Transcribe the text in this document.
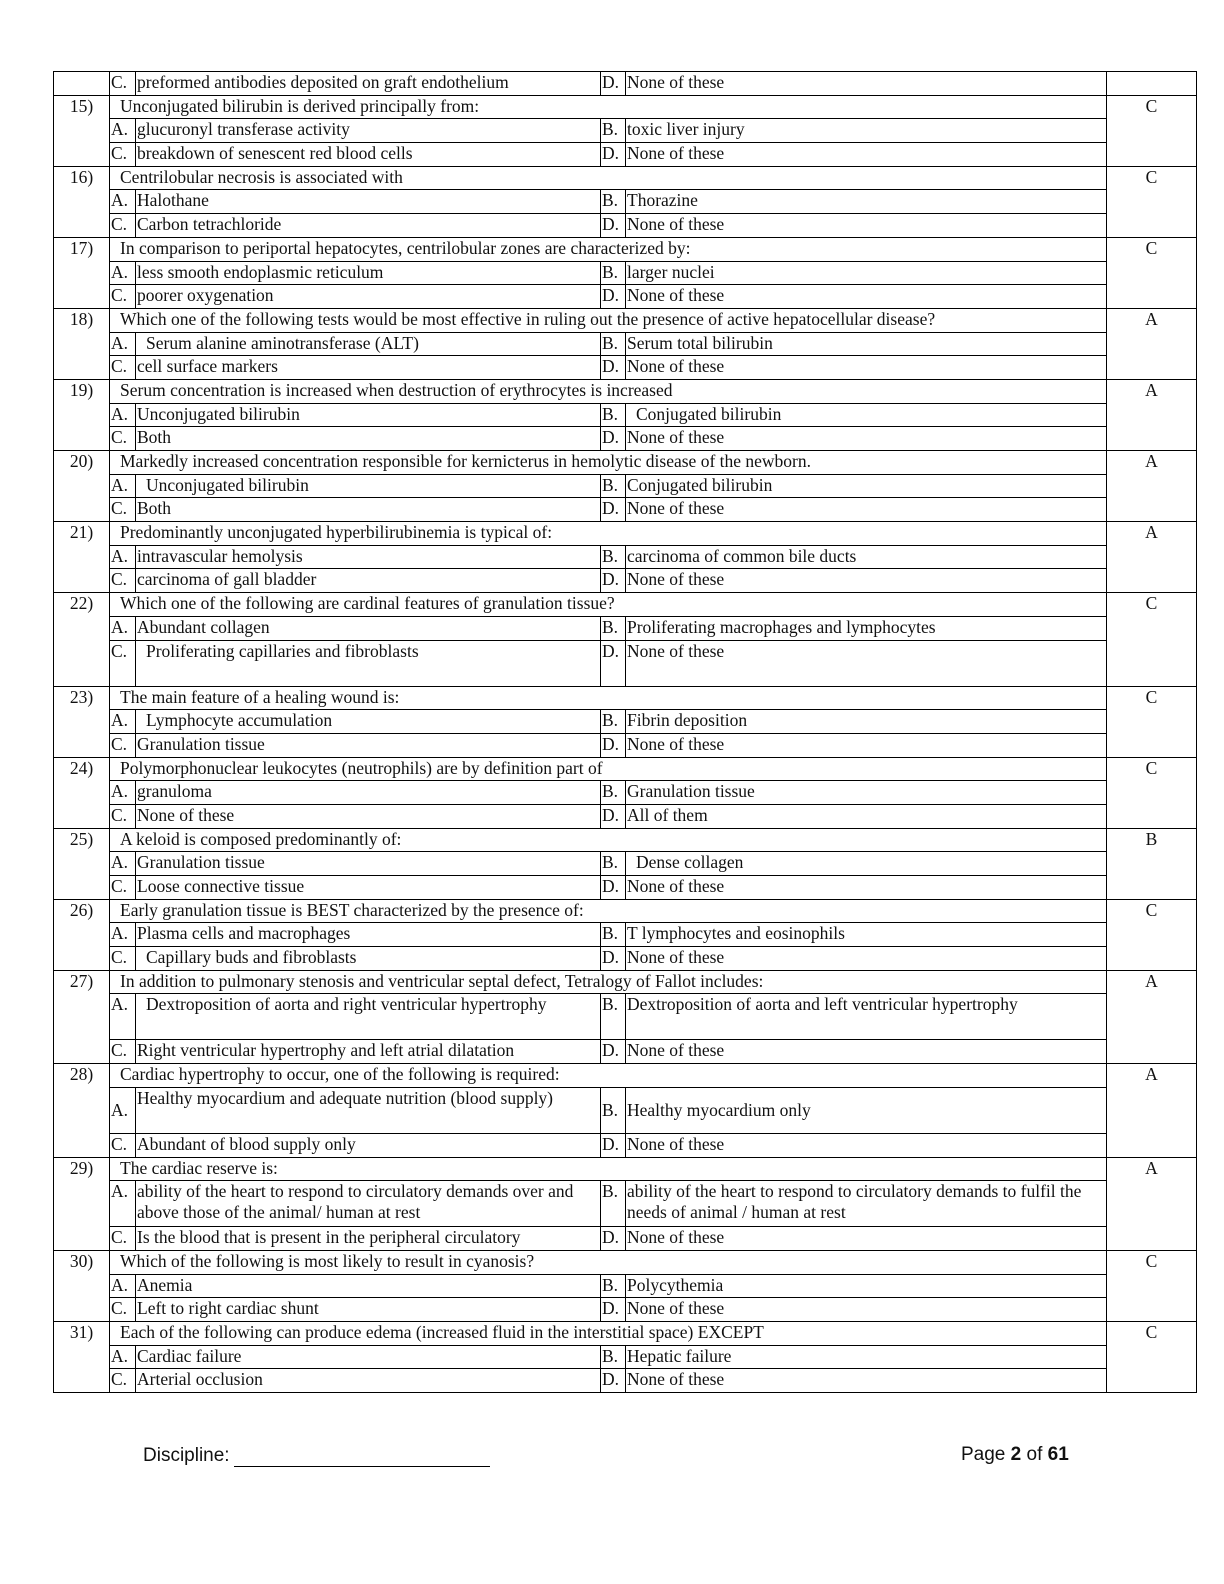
	C.	preformed antibodies deposited on graft endothelium	D.	None of these	
15)	Unconjugated bilirubin is derived principally from:				C
	A.	glucuronyl transferase activity	B.	toxic liver injury	
	C.	breakdown of senescent red blood cells	D.	None of these	
16)	Centrilobular necrosis is associated with				C
	A.	Halothane	B.	Thorazine	
	C.	Carbon tetrachloride	D.	None of these	
17)	In comparison to periportal hepatocytes, centrilobular zones are characterized by:				C
	A.	less smooth endoplasmic reticulum	B.	larger nuclei	
	C.	poorer oxygenation	D.	None of these	
18)	Which one of the following tests would be most effective in ruling out the presence of active hepatocellular disease?				A
	A.	Serum alanine aminotransferase (ALT)	B.	Serum total bilirubin	
	C.	cell surface markers	D.	None of these	
19)	Serum concentration is increased when destruction of erythrocytes is increased				A
	A.	Unconjugated bilirubin	B.	Conjugated bilirubin	
	C.	Both	D.	None of these	
20)	Markedly increased concentration responsible for kernicterus in hemolytic disease of the newborn.				A
	A.	Unconjugated bilirubin	B.	Conjugated bilirubin	
	C.	Both	D.	None of these	
21)	Predominantly unconjugated hyperbilirubinemia is typical of:				A
	A.	intravascular hemolysis	B.	carcinoma of common bile ducts	
	C.	carcinoma of gall bladder	D.	None of these	
22)	Which one of the following are cardinal features of granulation tissue?				C
	A.	Abundant collagen	B.	Proliferating macrophages and lymphocytes	
	C.	Proliferating capillaries and fibroblasts	D.	None of these	
23)	The main feature of a healing wound is:				C
	A.	Lymphocyte accumulation	B.	Fibrin deposition	
	C.	Granulation tissue	D.	None of these	
24)	Polymorphonuclear leukocytes (neutrophils) are by definition part of				C
	A.	granuloma	B.	Granulation tissue	
	C.	None of these	D.	All of them	
25)	A keloid is composed predominantly of:				B
	A.	Granulation tissue	B.	Dense collagen	
	C.	Loose connective tissue	D.	None of these	
26)	Early granulation tissue is BEST characterized by the presence of:				C
	A.	Plasma cells and macrophages	B.	T lymphocytes and eosinophils	
	C.	Capillary buds and fibroblasts	D.	None of these	
27)	In addition to pulmonary stenosis and ventricular septal defect, Tetralogy of Fallot includes:				A
	A.	Dextroposition of aorta and right ventricular hypertrophy	B.	Dextroposition of aorta and left ventricular hypertrophy	
	C.	Right ventricular hypertrophy and left atrial dilatation	D.	None of these	
28)	Cardiac hypertrophy to occur, one of the following is required:				A
	A.	Healthy myocardium and adequate nutrition (blood supply)	B.	Healthy myocardium only	
	C.	Abundant of blood supply only	D.	None of these	
29)	The cardiac reserve is:				A
	A.	ability of the heart to respond to circulatory demands over and above those of the animal/ human at rest	B.	ability of the heart to respond to circulatory demands to fulfil the needs of animal / human at rest	
	C.	Is the blood that is present in the peripheral circulatory	D.	None of these	
30)	Which of the following is most likely to result in cyanosis?				C
	A.	Anemia	B.	Polycythemia	
	C.	Left to right cardiac shunt	D.	None of these	
31)	Each of the following can produce edema (increased fluid in the interstitial space) EXCEPT				C
	A.	Cardiac failure	B.	Hepatic failure	
	C.	Arterial occlusion	D.	None of these	
Discipline:	Page 2 of 61
